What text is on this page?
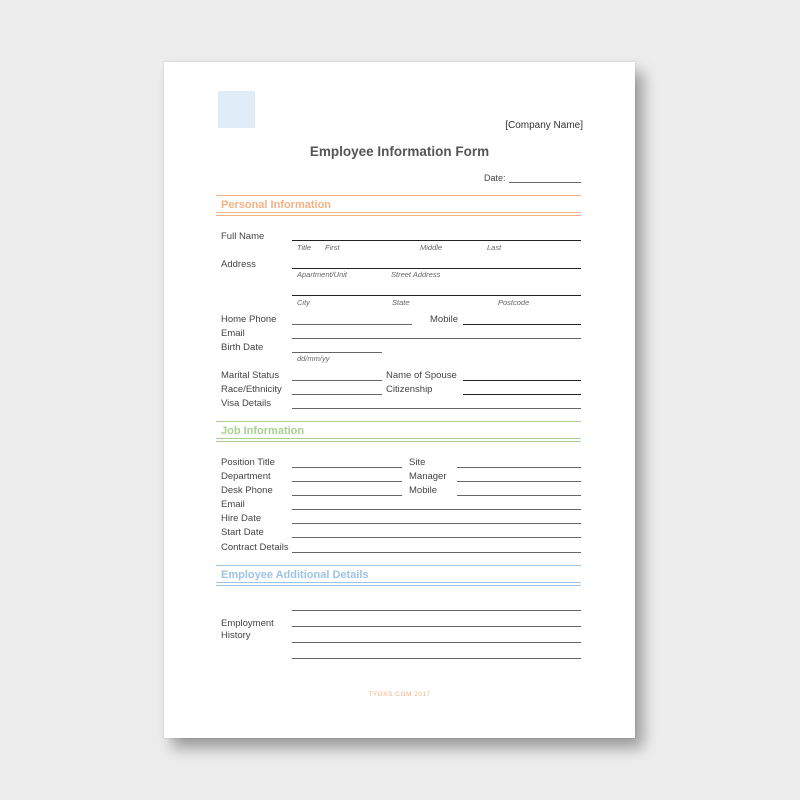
[Company Name]
Employee Information Form
Date:
Personal Information
Full Name
Title First	Middle	Last
Address
Apartment/Unit	Street Address
City	State	Postcode
Home Phone	Mobile
Email
Birth Date
dd/mm/yy
Marital Status	Name of Spouse
Race/Ethnicity	Citizenship
Visa Details
Job Information
Position Title	Site
Department	Manager
Desk Phone	Mobile
Email
Hire Date
Start Date
Contract Details
Employee Additional Details
Employment
History
TYOXS.COM 2017
